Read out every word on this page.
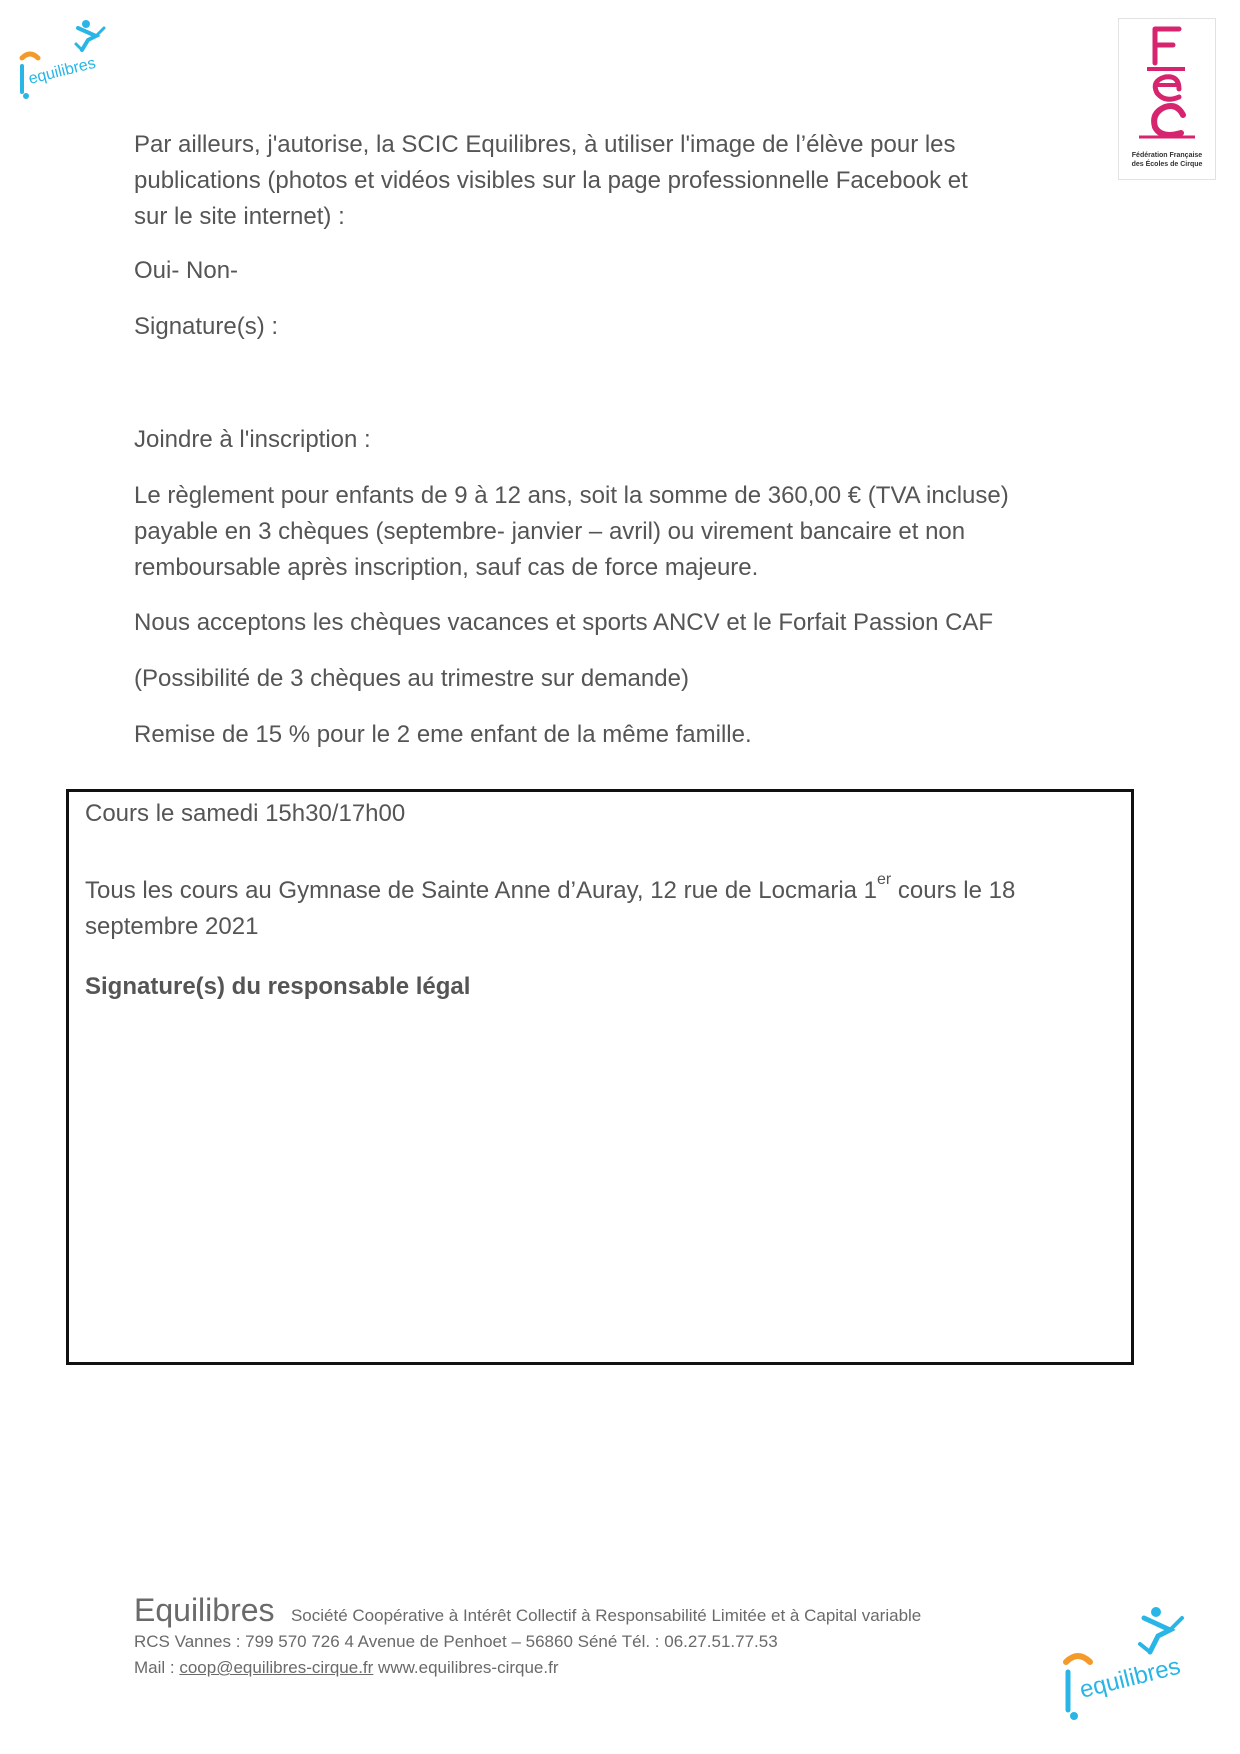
equilibres
Fédération Française
des Écoles de Cirque

Par ailleurs, j'autorise, la SCIC Equilibres, à utiliser l'image de l’élève pour les

publications (photos et vidéos visibles sur la page professionnelle Facebook et

sur le site internet) :

Oui- Non-
Signature(s) :
Joindre à l'inscription :

Le règlement pour enfants de 9 à 12 ans, soit la somme de 360,00 € (TVA incluse)

payable en 3 chèques (septembre- janvier – avril) ou virement bancaire et non

remboursable après inscription, sauf cas de force majeure.

Nous acceptons les chèques vacances et sports ANCV et le Forfait Passion CAF
(Possibilité de 3 chèques au trimestre sur demande)
Remise de 15 % pour le 2 eme enfant de la même famille.
Cours le samedi 15h30/17h00
Tous les cours au Gymnase de Sainte Anne d’Auray, 12 rue de Locmaria 1er cours le 18
septembre 2021
Signature(s) du responsable légal
Equilibres Société Coopérative à Intérêt Collectif à Responsabilité Limitée et à Capital variable
RCS Vannes : 799 570 726 4 Avenue de Penhoet – 56860 Séné Tél. : 06.27.51.77.53
Mail : coop@equilibres-cirque.fr www.equilibres-cirque.fr	equilibres
